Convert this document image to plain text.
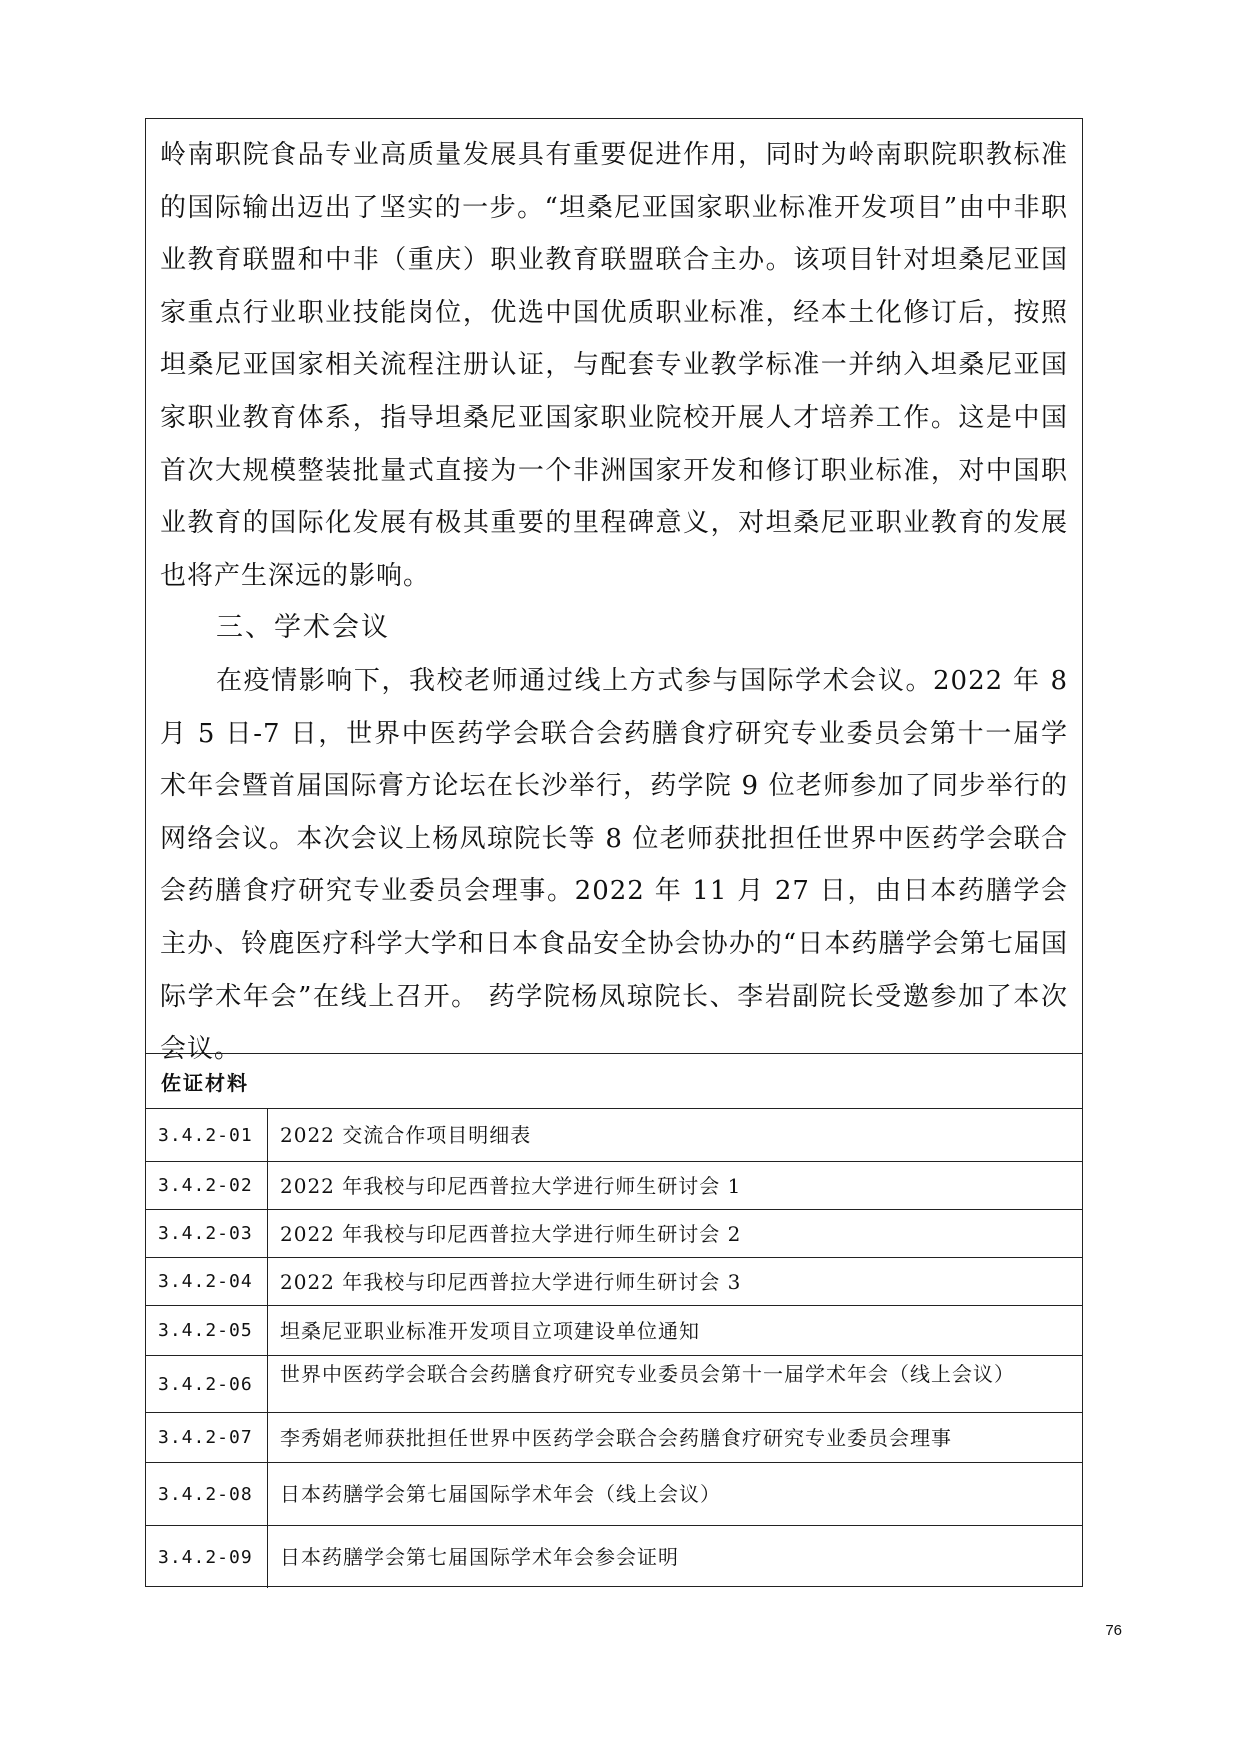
岭南职院食品专业高质量发展具有重要促进作用，同时为岭南职院职教标准的国际输出迈出了坚实的一步。“坦桑尼亚国家职业标准开发项目”由中非职业教育联盟和中非（重庆）职业教育联盟联合主办。该项目针对坦桑尼亚国家重点行业职业技能岗位，优选中国优质职业标准，经本土化修订后，按照坦桑尼亚国家相关流程注册认证，与配套专业教学标准一并纳入坦桑尼亚国家职业教育体系，指导坦桑尼亚国家职业院校开展人才培养工作。这是中国首次大规模整装批量式直接为一个非洲国家开发和修订职业标准，对中国职业教育的国际化发展有极其重要的里程碑意义，对坦桑尼亚职业教育的发展也将产生深远的影响。

三、学术会议

在疫情影响下，我校老师通过线上方式参与国际学术会议。2022 年 8 月 5 日-7 日，世界中医药学会联合会药膳食疗研究专业委员会第十一届学术年会暨首届国际膏方论坛在长沙举行，药学院 9 位老师参加了同步举行的网络会议。本次会议上杨凤琼院长等 8 位老师获批担任世界中医药学会联合会药膳食疗研究专业委员会理事。2022 年 11 月 27 日，由日本药膳学会主办、铃鹿医疗科学大学和日本食品安全协会协办的“日本药膳学会第七届国际学术年会”在线上召开。 药学院杨凤琼院长、李岩副院长受邀参加了本次会议。

佐证材料
3.4.2-01	2022 交流合作项目明细表
3.4.2-02	2022 年我校与印尼西普拉大学进行师生研讨会 1
3.4.2-03	2022 年我校与印尼西普拉大学进行师生研讨会 2
3.4.2-04	2022 年我校与印尼西普拉大学进行师生研讨会 3
3.4.2-05	坦桑尼亚职业标准开发项目立项建设单位通知
3.4.2-06	世界中医药学会联合会药膳食疗研究专业委员会第十一届学术年会（线上会议）
3.4.2-07	李秀娟老师获批担任世界中医药学会联合会药膳食疗研究专业委员会理事
3.4.2-08	日本药膳学会第七届国际学术年会（线上会议）
3.4.2-09	日本药膳学会第七届国际学术年会参会证明
76
